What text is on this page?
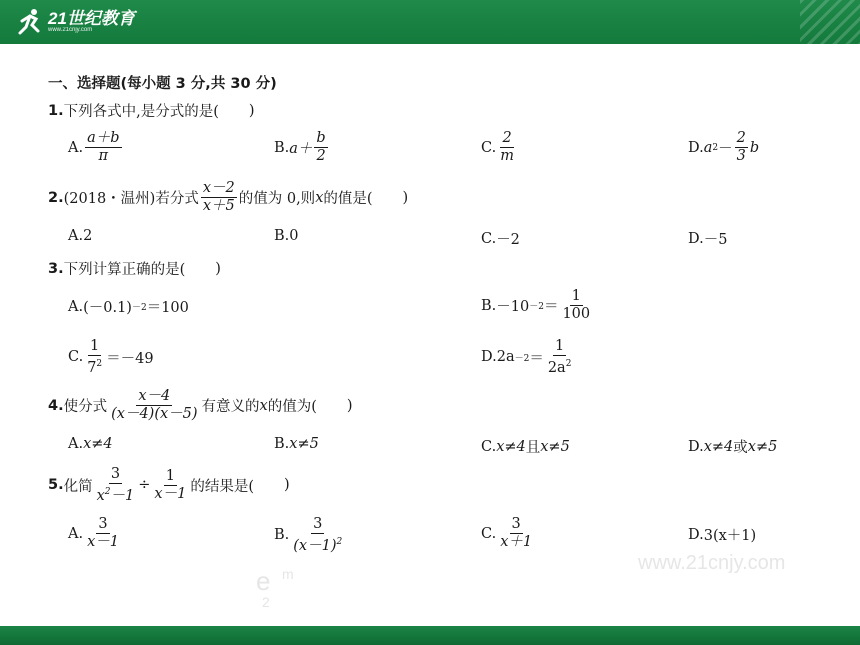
21世纪教育
www.21cnjy.com
www.21cnjy.com
e m
2
一、选择题(每小题 3 分,共 30 分)
1. 下列各式中,是分式的是( )
A. $\frac{a+b}{\pi}$	B. $a+ \frac{b}{2}$	C. $\frac{2}{m}$	D. a $2 - \frac{2}{3}$ b
2. (2018・温州)若分式 $\frac{x-2}{x+5}$ 的值为 0,则 x 的值是( )
A. 2	B. 0	C. －2	D. －5
3. 下列计算正确的是( )
A. (－0.1) －2 ＝100	B. $-10 -2 = \frac{1}{100}$
C. $\frac{1}{7^2} =-49$	D. $2a -2 = \frac{1}{2a^2}$
4. 使分式 $\frac{x-4}{(x-4)(x-5)}$ 有意义的 x 的值为( )
A. x≠4	B. x≠5	C. x≠4 且 x≠5	D. x≠4 或 x≠5
5. 化简 $\frac{3}{x^2-1} \div \frac{1}{x-1}$ 的结果是( )
A. $\frac{3}{x-1}$	B. $\frac{3}{(x-1)^2}$	C. $\frac{3}{x+1}$	D. 3(x＋1)
